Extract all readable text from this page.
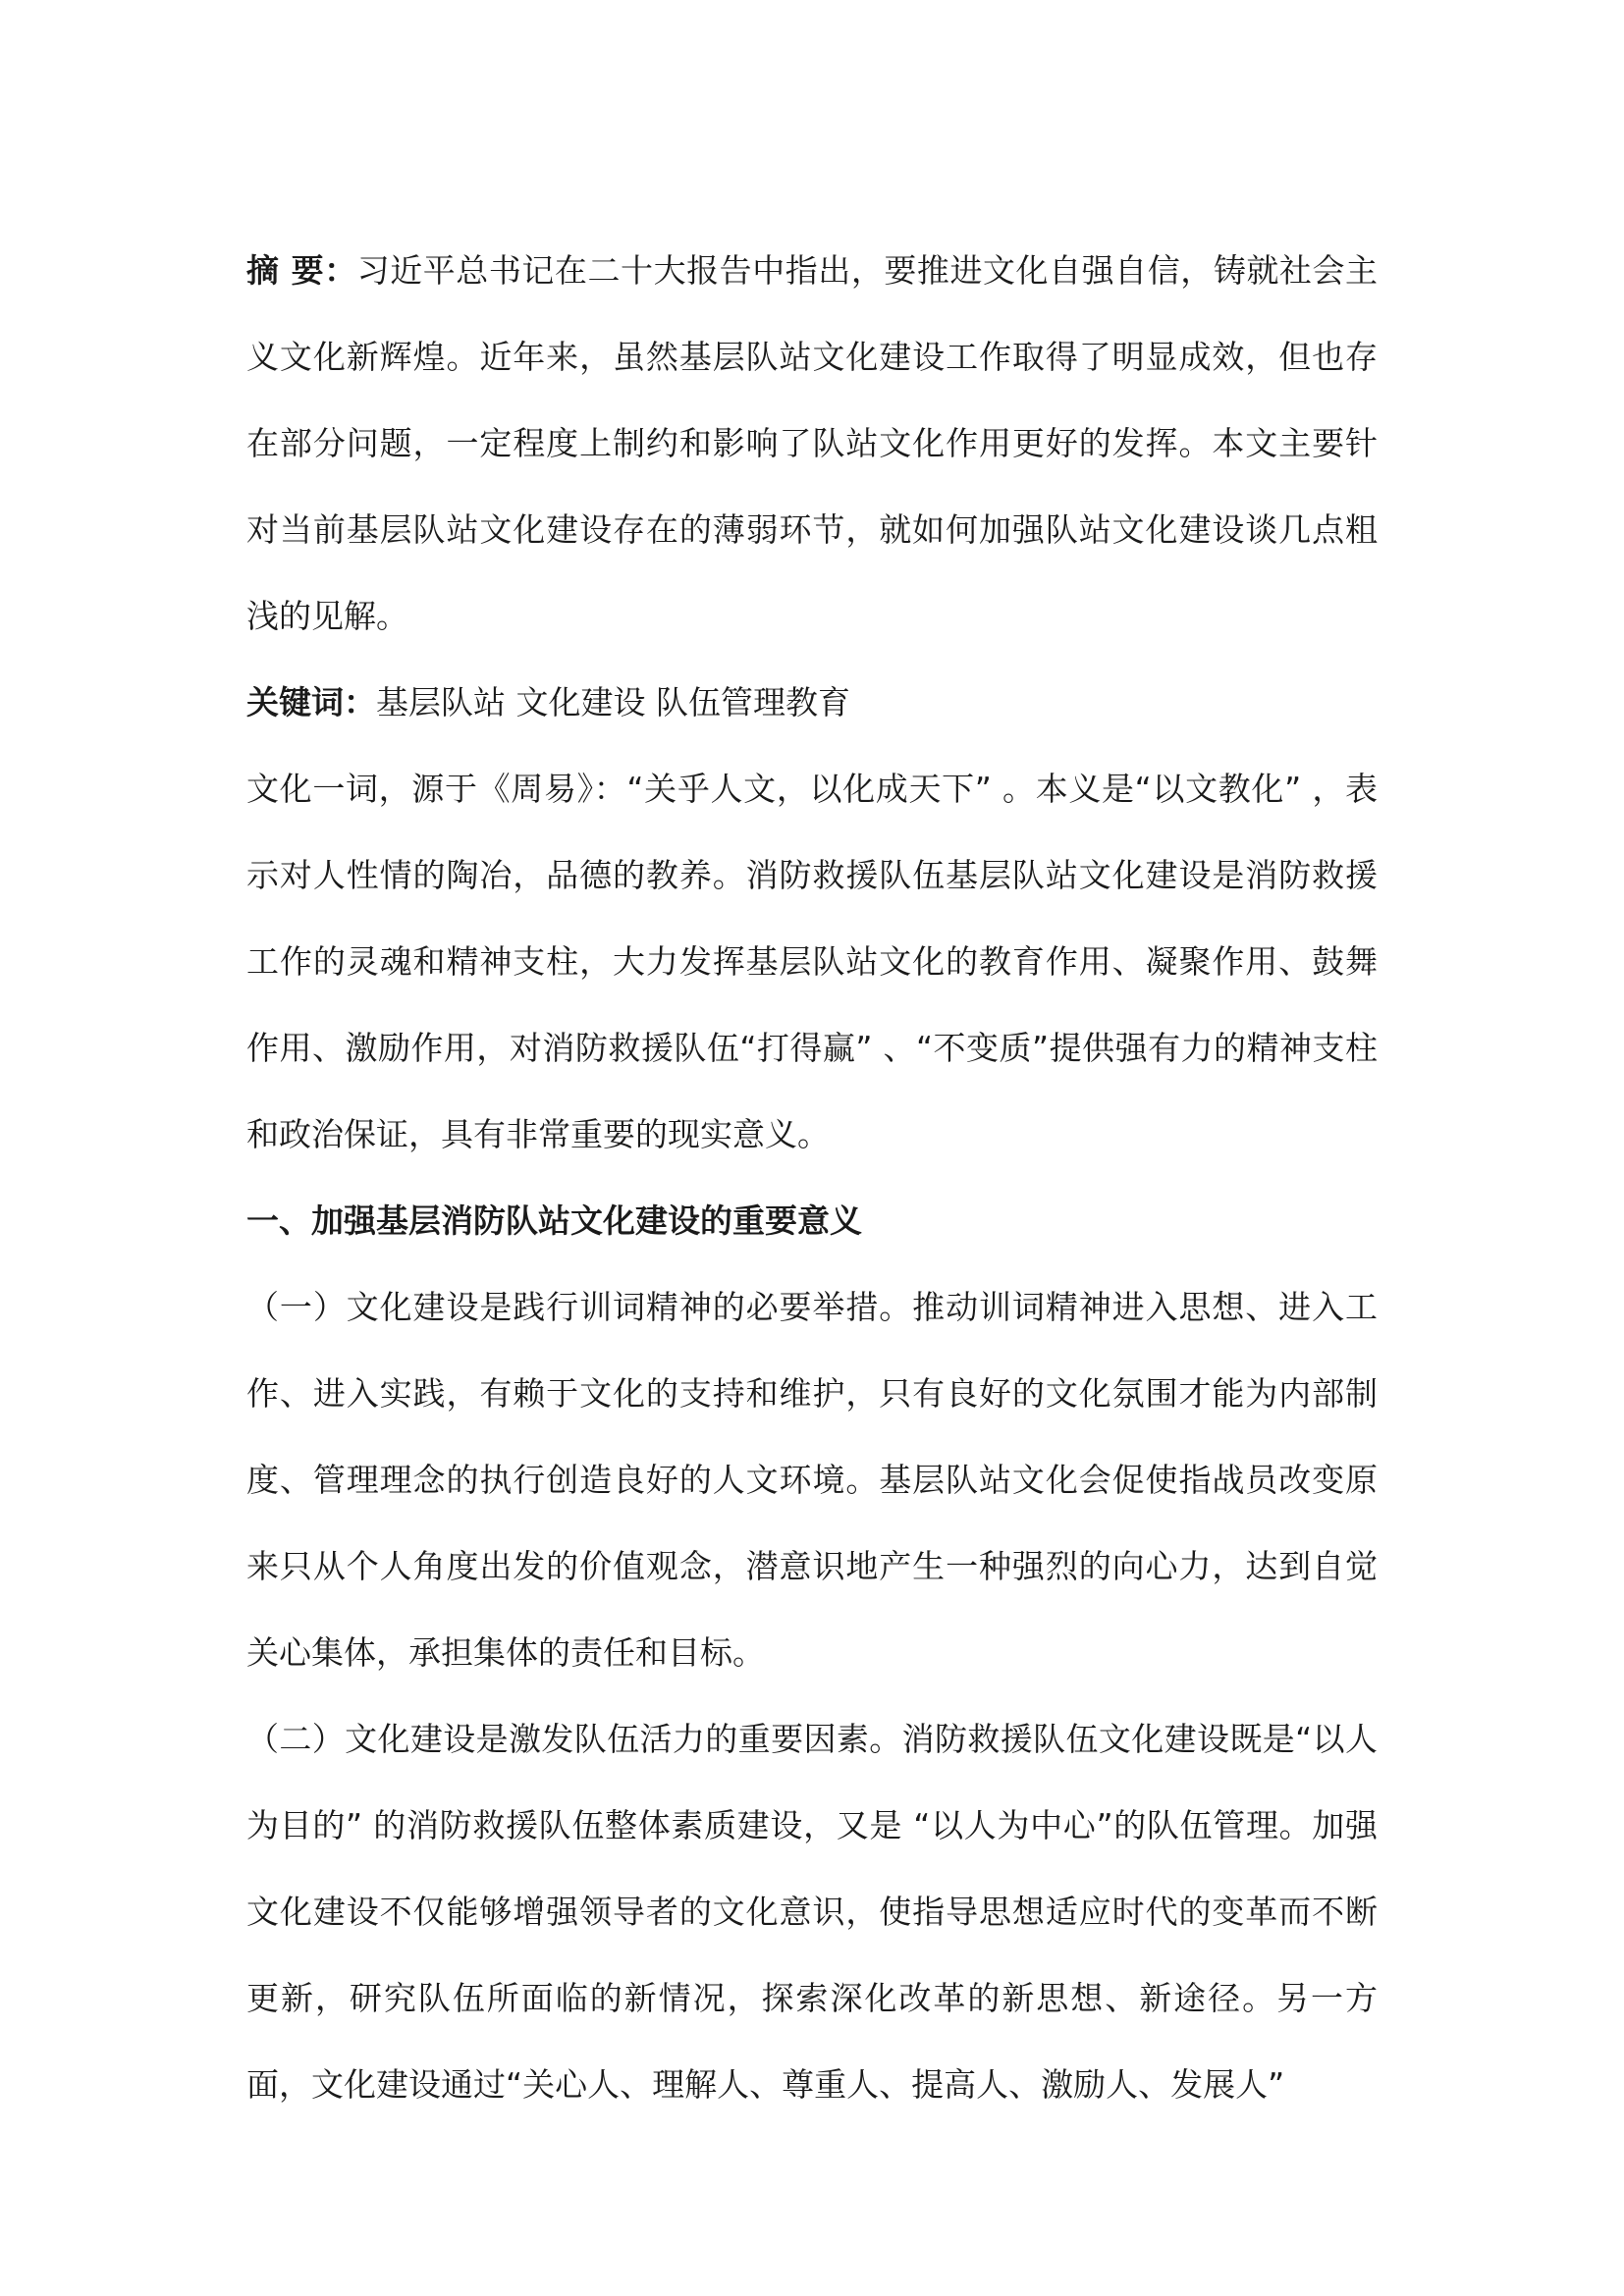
摘 要：习近平总书记在二十大报告中指出，要推进文化自强自信，铸就社会主义文化新辉煌。近年来，虽然基层队站文化建设工作取得了明显成效，但也存在部分问题，一定程度上制约和影响了队站文化作用更好的发挥。本文主要针对当前基层队站文化建设存在的薄弱环节，就如何加强队站文化建设谈几点粗浅的见解。

关键词：基层队站 文化建设 队伍管理教育

文化一词，源于《周易》：“关乎人文，以化成天下” 。本义是“以文教化” ，表示对人性情的陶冶，品德的教养。消防救援队伍基层队站文化建设是消防救援工作的灵魂和精神支柱，大力发挥基层队站文化的教育作用、凝聚作用、鼓舞作用、激励作用，对消防救援队伍“打得赢” 、“不变质”提供强有力的精神支柱和政治保证，具有非常重要的现实意义。

一、加强基层消防队站文化建设的重要意义

（一）文化建设是践行训词精神的必要举措。推动训词精神进入思想、进入工作、进入实践，有赖于文化的支持和维护，只有良好的文化氛围才能为内部制度、管理理念的执行创造良好的人文环境。基层队站文化会促使指战员改变原来只从个人角度出发的价值观念，潜意识地产生一种强烈的向心力，达到自觉关心集体，承担集体的责任和目标。

（二）文化建设是激发队伍活力的重要因素。消防救援队伍文化建设既是“以人为目的” 的消防救援队伍整体素质建设，又是 “以人为中心”的队伍管理。加强文化建设不仅能够增强领导者的文化意识，使指导思想适应时代的变革而不断更新，研究队伍所面临的新情况，探索深化改革的新思想、新途径。另一方面，文化建设通过“关心人、理解人、尊重人、提高人、激励人、发展人”
